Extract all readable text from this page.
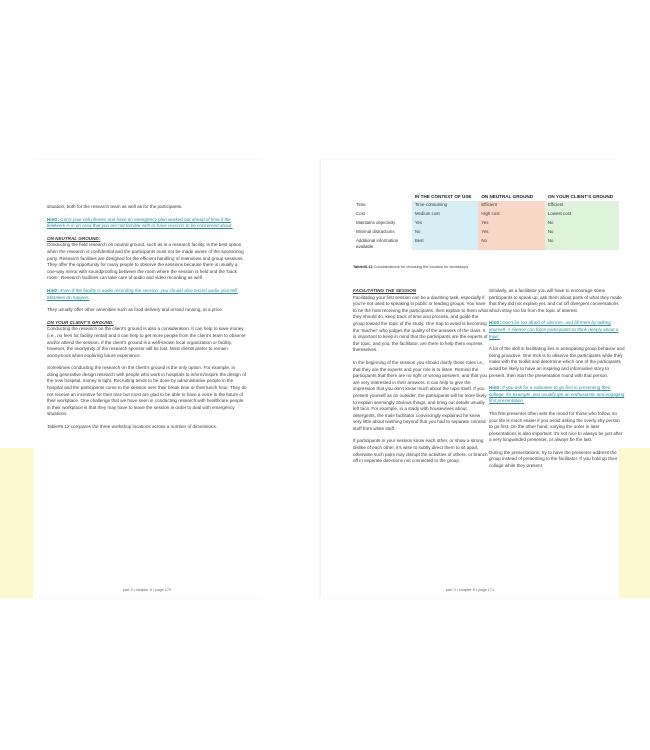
situation, both for the research team as well as for the participants.

Hint!: Carry your cell phones and have an emergency plan worked out ahead of time if the fieldwork is in an area that you are not familiar with or have reasons to be concerned about.

ON NEUTRAL GROUND:

Conducting the field research on neutral ground, such as in a research facility, is the best option when the research is confidential and the participants must not be made aware of the sponsoring party. Research facilities are designed for the efficient handling of interviews and group sessions. They offer the opportunity for many people to observe the sessions because there is usually a one-way mirror with soundproofing between the room where the session is held and the ‘back room’. Research facilities can take care of audio and video recording as well.

Hint!: Even if the facility is audio recording the session, you should also record audio yourself. Mistakes do happen.

They usually offer other amenities such as food delivery and errand running, at a price.

ON YOUR CLIENT’S GROUND:

Conducting the research on the client’s ground is also a consideration. It can help to save money (i.e., no fees for facility rental) and it can help to get more people from the client’s team to observe and/or attend the session. If the client’s ground is a well-known local organization or facility, however, the anonymity of the research sponsor will be lost. Most clients prefer to remain anonymous when exploring future experience.

Sometimes conducting the research on the client’s ground is the only option. For example, in doing generative design research with people who work in hospitals to inform/inspire the design of the new hospital, money is tight. Recruiting tends to be done by administrative people in the hospital and the participants come to the session over their break time or their lunch hour. They do not receive an incentive for their time but most are glad to be able to have a voice in the future of their workplace. One challenge that we have seen in conducting research with healthcare people in their workplace is that they may have to leave the session in order to deal with emergency situations.

Table#6.12 compares the three workshop locations across a number of dimensions.

part 3 • chapter 6 • page 170
	IN THE CONTEXT OF USE	ON NEUTRAL GROUND	ON YOUR CLIENT’S GROUND
Time	Time-consuming	Efficient	Efficient
Cost	Medium cost	High cost	Lowest cost
Maintains objectivity	Yes	Yes	No
Minimal distractions	No	Yes	No
Additional information available	Best	No	No
Table#6.12 Considerations for choosing the location for workshops

FACILITATING THE SESSION

Facilitating your first session can be a daunting task, especially if you’re not used to speaking in public or leading groups. You have to be the host receiving the participants, then explain to them what they should do, keep track of time and process, and guide the group toward the topic of the study. One trap to avoid is becoming the ‘teacher’ who judges the quality of the answers of the class. It is important to keep in mind that the participants are the experts of the topic, and you, the facilitator, are there to help them express themselves.

In the beginning of the session you should clarify these roles i.e., that they are the experts and your role is to listen. Remind the participants that there are no right or wrong answers, and that you are very interested in their answers. It can help to give the impression that you don’t know much about the topic itself. If you present yourself as an outsider, the participants will be more likely to explain seemingly obvious things, and bring out details usually left tacit. For example, in a study with housewives about detergents, the male facilitator convincingly explained he knew very little about washing beyond that you had to separate colored stuff from white stuff.

If participants in your session know each other, or show a strong dislike of each other, it’s wise to subtly direct them to sit apart, otherwise such pairs may disrupt the activities of others, or branch off in separate directions not connected to the group.

Similarly, as a facilitator you will have to encourage some participants to speak up, ask them about parts of what they made that they did not explain yet, and cut off divergent conversations which stray too far from the topic of interest.

Hint!: Don’t be too afraid of silences, and fill them by talking yourself. A silence can force participants to think deeply about a topic.

A lot of the skill in facilitating lies in anticipating group behavior and being proactive. One trick is to observe the participants while they make with the toolkit and determine which one of the participants would be likely to have an inspiring and informative story to present, then start the presentation round with that person.

Hint!: If you ask for a volunteer to go first in presenting their collage, for example, you usually get an enthusiastic and engaging first presentation.

The first presenter often sets the mood for those who follow, so your life is much easier if you avoid asking the overly shy person to go first. On the other hand, varying the order in later presentations is also important: it’s not nice to always be just after a very longwinded presenter, or always be the last.

During the presentations, try to have the presenter address the group instead of presenting to the facilitator. If you hold up their collage while they present,

part 3 • chapter 6 • page 171
